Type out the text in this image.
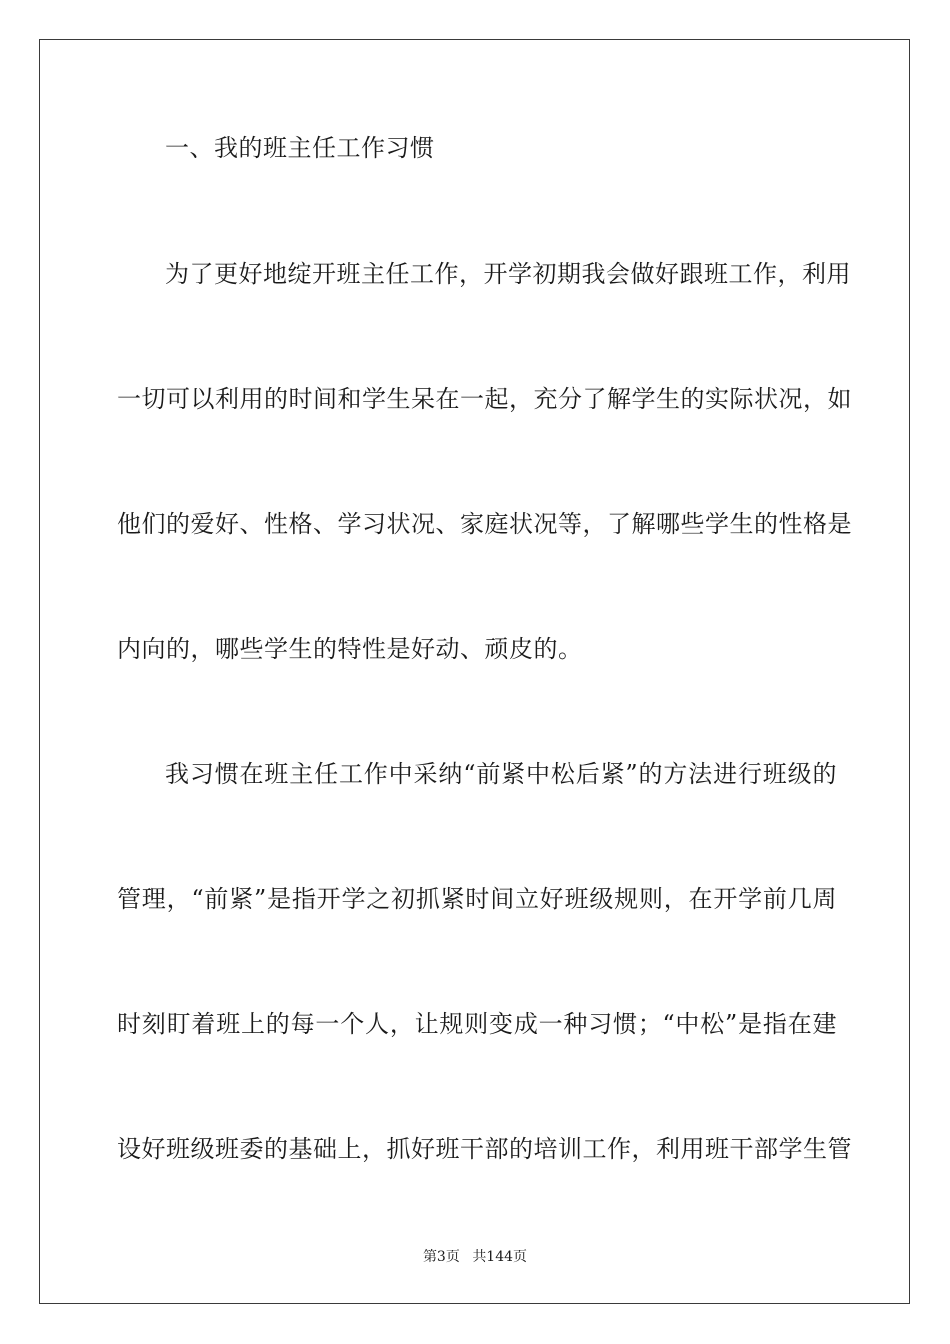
一、我的班主任工作习惯
为了更好地绽开班主任工作，开学初期我会做好跟班工作，利用
一切可以利用的时间和学生呆在一起，充分了解学生的实际状况，如
他们的爱好、性格、学习状况、家庭状况等，了解哪些学生的性格是
内向的，哪些学生的特性是好动、顽皮的。
我习惯在班主任工作中采纳“前紧中松后紧”的方法进行班级的
管理，“前紧”是指开学之初抓紧时间立好班级规则，在开学前几周
时刻盯着班上的每一个人，让规则变成一种习惯；“中松”是指在建
设好班级班委的基础上，抓好班干部的培训工作，利用班干部学生管
第3页 共144页
